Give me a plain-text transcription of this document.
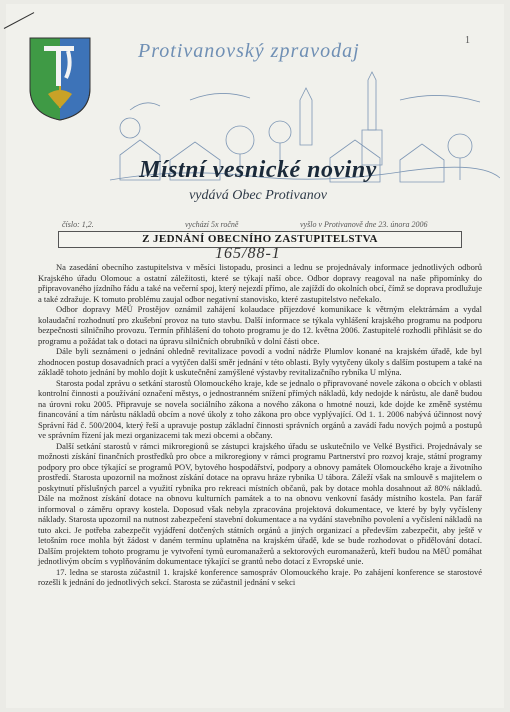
1
Protivanovský zpravodaj
Místní vesnické noviny
vydává Obec Protivanov
číslo: 1,2.	vychází 5x ročně	vyšlo v Protivanově dne 23. února 2006
Z JEDNÁNÍ OBECNÍHO ZASTUPITELSTVA
165/88-1

Na zasedání obecního zastupitelstva v měsíci listopadu, prosinci a lednu se projednávaly informace jednotlivých odborů Krajského úřadu Olomouc a ostatní záležitosti, které se týkají naší obce. Odbor dopravy reagoval na naše připomínky do připravovaného jízdního řádu a také na večerní spoj, který nejezdí přímo, ale zajíždí do okolních obcí, čímž se doprava prodlužuje a také zdražuje. K tomuto problému zaujal odbor negativní stanovisko, které zastupitelstvo nečekalo.

Odbor dopravy MěÚ Prostějov oznámil zahájení kolaudace příjezdové komunikace k větrným elektrárnám a vydal kolaudační rozhodnutí pro zkušební provoz na tuto stavbu. Další informace se týkala vyhlášení krajského programu na podporu bezpečnosti silničního provozu. Termín přihlášení do tohoto programu je do 12. května 2006. Zastupitelé rozhodli přihlásit se do programu a požádat tak o dotaci na úpravu silničních obrubníků v dolní části obce.

Dále byli seznámeni o jednání ohledně revitalizace povodí a vodní nádrže Plumlov konané na krajském úřadě, kde byl zhodnocen postup dosavadních prací a vytýčen další směr jednání v této oblasti. Byly vytyčeny úkoly s dalším postupem a také na základě tohoto jednání by mohlo dojít k uskutečnění zamýšlené výstavby revitalizačního rybníka U mlýna.

Starosta podal zprávu o setkání starostů Olomouckého kraje, kde se jednalo o připravované novele zákona o obcích v oblasti kontrolní činnosti a používání označení městys, o jednostranném snížení přímých nákladů, kdy nedojde k nárůstu, ale daně budou na úrovni roku 2005. Připravuje se novela sociálního zákona a nového zákona o hmotné nouzi, kde dojde ke změně systému financování a tím nárůstu nákladů obcím a nové úkoly z toho zákona pro obce vyplývající. Od 1. 1. 2006 nabývá účinnost nový Správní řád č. 500/2004, který řeší a upravuje postup základní činnosti správních orgánů a zavádí řadu nových pojmů a postupů ve správním řízení jak mezi organizacemi tak mezi obcemi a občany.

Další setkání starostů v rámci mikroregionů se zástupci krajského úřadu se uskutečnilo ve Velké Bystřici. Projednávaly se možnosti získání finančních prostředků pro obce a mikroregiony v rámci programu Partnerství pro rozvoj kraje, státní programy podpory pro obce týkající se programů POV, bytového hospodářství, podpory a obnovy památek Olomouckého kraje a životního prostředí. Starosta upozornil na možnost získání dotace na opravu hráze rybníka U tábora. Záleží však na smlouvě s majitelem o poskytnutí příslušných parcel a využití rybníka pro rekreaci místních občanů, pak by dotace mohla dosahnout až 80% nákladů. Dále na možnost získání dotace na obnovu kulturních památek a to na obnovu venkovní fasády místního kostela. Pan farář informoval o záměru opravy kostela. Doposud však nebyla zpracována projektová dokumentace, ve které by byly vyčísleny náklady. Starosta upozornil na nutnost zabezpečení stavební dokumentace a na vydání stavebního povolení a vyčíslení nákladů na tuto akci. Je potřeba zabezpečit vyjádření dotčených státních orgánů a jiných organizací a především zabezpečit, aby ještě v letošním roce mohla být žádost v daném termínu uplatněna na krajském úřadě, kde se bude rozhodovat o přidělování dotací. Dalším projektem tohoto programu je vytvoření tymů euromanažerů a sektorových euromanažerů, kteří budou na MěÚ pomáhat jednotlivým obcím s vyplňováním dokumentace týkající se grantů nebo dotací z Evropské unie.

17. ledna se starosta zúčastnil 1. krajské konference samospráv Olomouckého kraje. Po zahájení konference se starostové rozešli k jednání do jednotlivých sekcí. Starosta se zúčastnil jednání v sekci
